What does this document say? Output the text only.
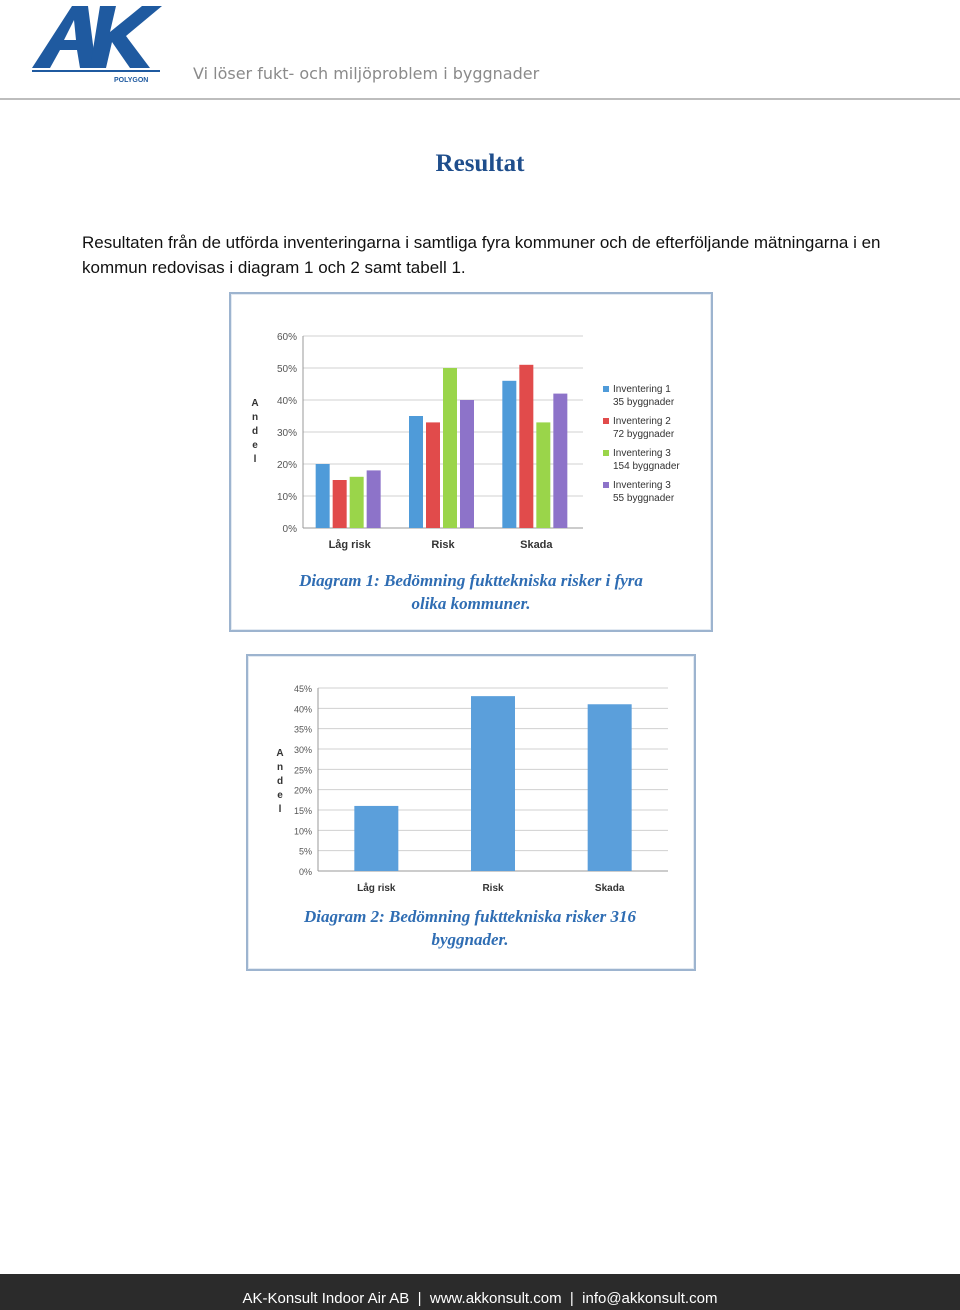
POLYGON	Vi löser fukt- och miljöproblem i byggnader
Resultat

Resultaten från de utförda inventeringarna i samtliga fyra kommuner och de efterföljande mätningarna i en kommun redovisas i diagram 1 och 2 samt tabell 1.

0%
10%
20%
30%
40%
50%
60%
A
n
d
e
l
Låg risk	Risk	Skada
Inventering 1
35 byggnader
Inventering 2
72 byggnader
Inventering 3
154 byggnader
Inventering 3
55 byggnader
Diagram 1: Bedömning fukttekniska risker i fyra
olika kommuner.
0%
5%
10%
15%
20%
25%
30%
35%
40%
45%
A
n
d
e
l
Låg risk	Risk	Skada
Diagram 2: Bedömning fukttekniska risker 316
byggnader.
AK-Konsult Indoor Air AB  |  www.akkonsult.com  |  info@akkonsult.com
